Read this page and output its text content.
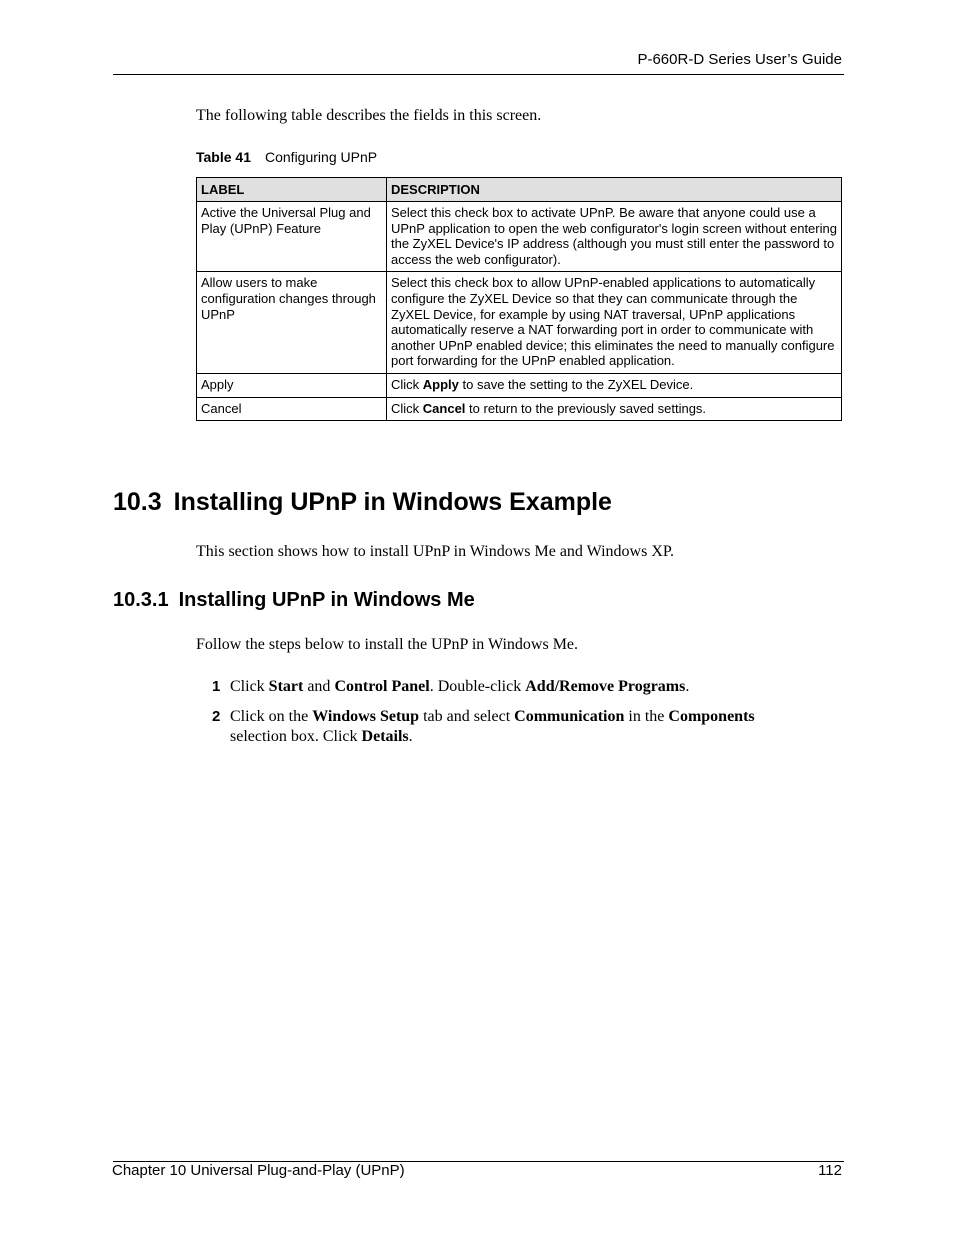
P-660R-D Series User’s Guide
The following table describes the fields in this screen.
Table 41 Configuring UPnP
LABEL	DESCRIPTION
Active the Universal Plug and Play (UPnP) Feature	Select this check box to activate UPnP. Be aware that anyone could use a UPnP application to open the web configurator's login screen without entering the ZyXEL Device's IP address (although you must still enter the password to access the web configurator).
Allow users to make configuration changes through UPnP	Select this check box to allow UPnP-enabled applications to automatically configure the ZyXEL Device so that they can communicate through the ZyXEL Device, for example by using NAT traversal, UPnP applications automatically reserve a NAT forwarding port in order to communicate with another UPnP enabled device; this eliminates the need to manually configure port forwarding for the UPnP enabled application.
Apply	Click Apply to save the setting to the ZyXEL Device.
Cancel	Click Cancel to return to the previously saved settings.
10.3 Installing UPnP in Windows Example
This section shows how to install UPnP in Windows Me and Windows XP.
10.3.1 Installing UPnP in Windows Me
Follow the steps below to install the UPnP in Windows Me.
1 Click Start and Control Panel. Double-click Add/Remove Programs.
2 Click on the Windows Setup tab and select Communication in the Components selection box. Click Details.
Chapter 10 Universal Plug-and-Play (UPnP)	112
